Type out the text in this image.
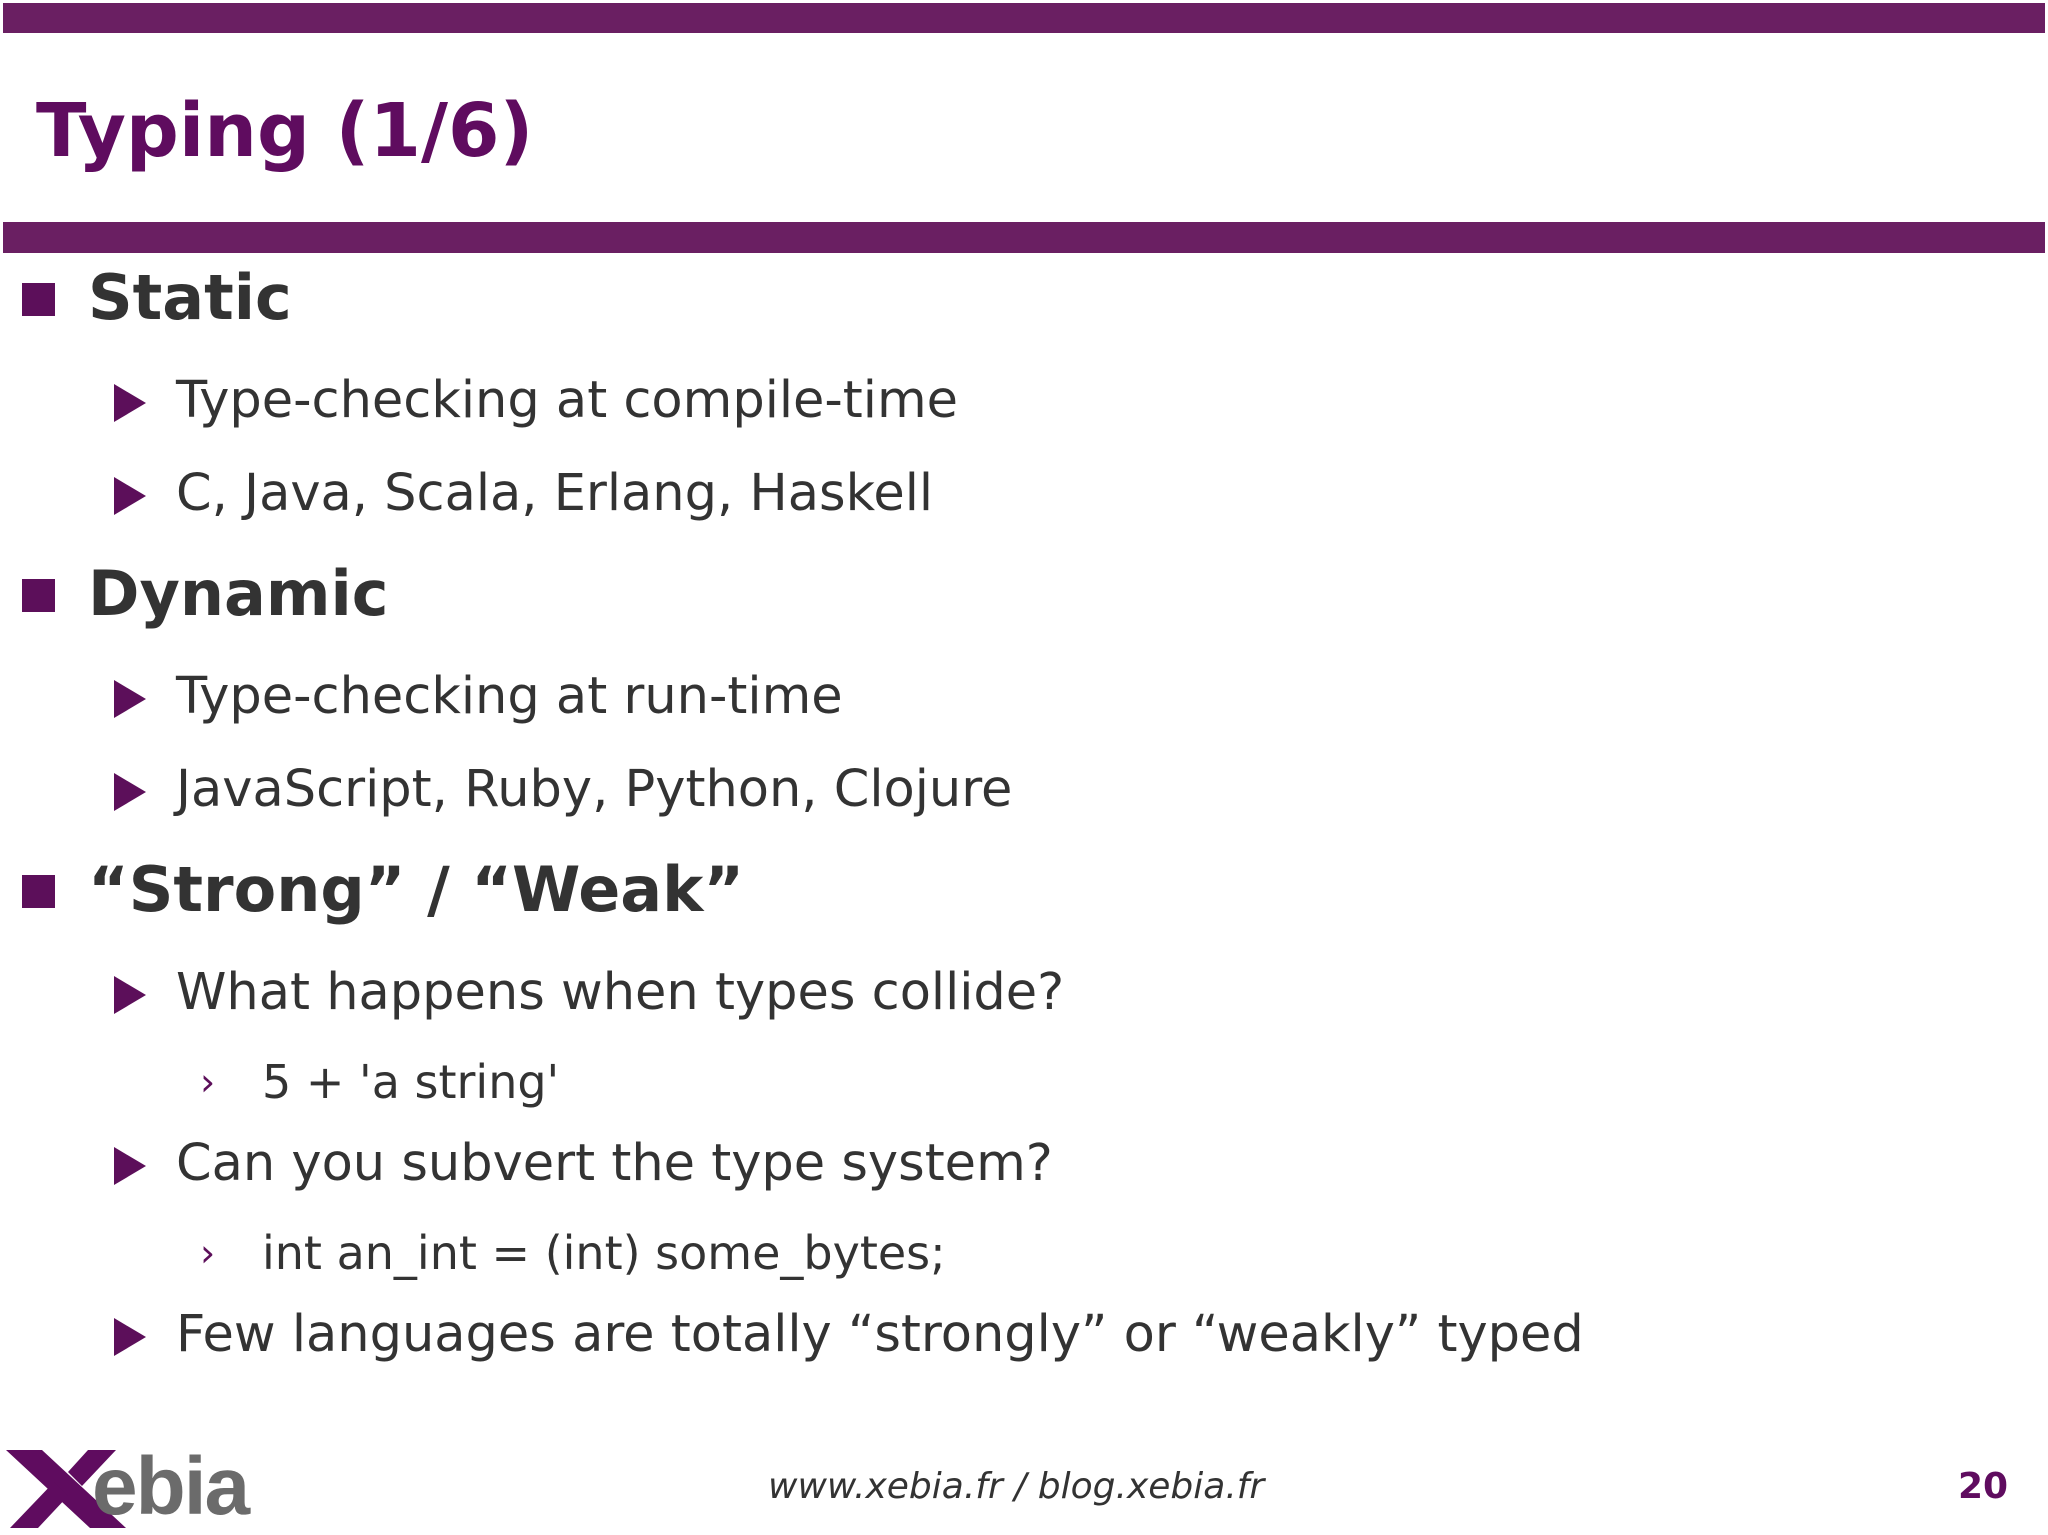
Typing (1/6)
Static
Type-checking at compile-time
C, Java, Scala, Erlang, Haskell
Dynamic
Type-checking at run-time
JavaScript, Ruby, Python, Clojure
“Strong” / “Weak”
What happens when types collide?
› 5 + 'a string'
Can you subvert the type system?
› int an_int = (int) some_bytes;
Few languages are totally “strongly” or “weakly” typed
ebia	www.xebia.fr / blog.xebia.fr	20
